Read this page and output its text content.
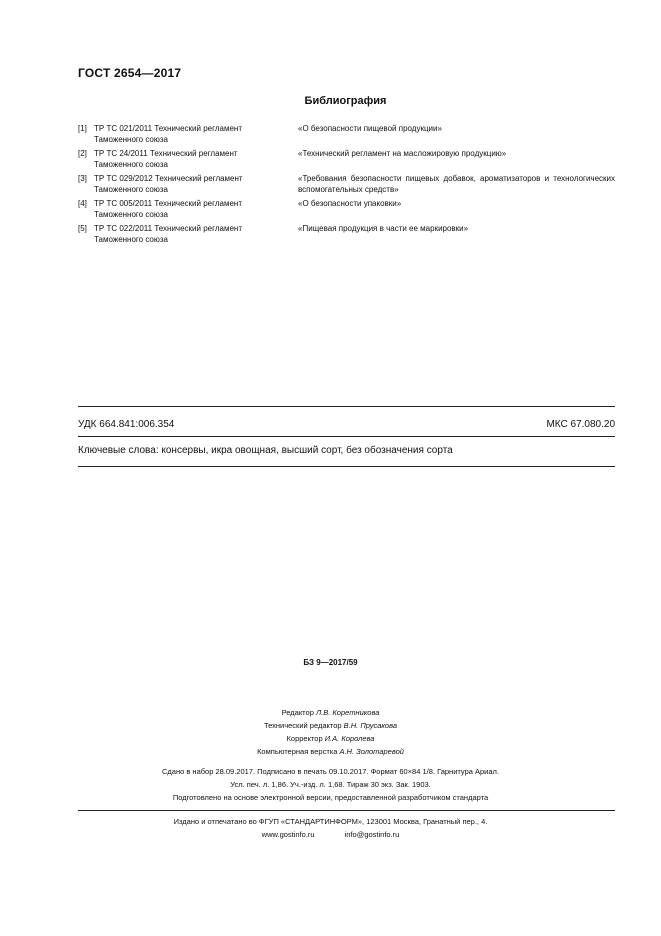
ГОСТ 2654—2017
Библиография
[1] ТР ТС 021/2011 Технический регламент
Таможенного союза
«О безопасности пищевой продукции»
[2] ТР ТС 24/2011 Технический регламент
Таможенного союза
«Технический регламент на масложировую продукцию»
[3] ТР ТС 029/2012 Технический регламент
Таможенного союза
«Требования безопасности пищевых добавок, ароматизаторов и технологических вспомогательных средств»
[4] ТР ТС 005/2011 Технический регламент
Таможенного союза
«О безопасности упаковки»
[5] ТР ТС 022/2011 Технический регламент
Таможенного союза
«Пищевая продукция в части ее маркировки»
УДК 664.841:006.354	МКС 67.080.20
Ключевые слова: консервы, икра овощная, высший сорт, без обозначения сорта
БЗ 9—2017/59
Редактор Л.В. Коретникова
Технический редактор В.Н. Прусакова
Корректор И.А. Королева
Компьютерная верстка А.Н. Золотаревой
Сдано в набор 28.09.2017. Подписано в печать 09.10.2017. Формат 60×84 1/8. Гарнитура Ариал.
Усл. печ. л. 1,86. Уч.-изд. л. 1,68. Тираж 30 экз. Зак. 1903.
Подготовлено на основе электронной версии, предоставленной разработчиком стандарта
Издано и отпечатано во ФГУП «СТАНДАРТИНФОРМ», 123001 Москва, Гранатный пер., 4.
www.gostinfo.ru	info@gostinfo.ru
